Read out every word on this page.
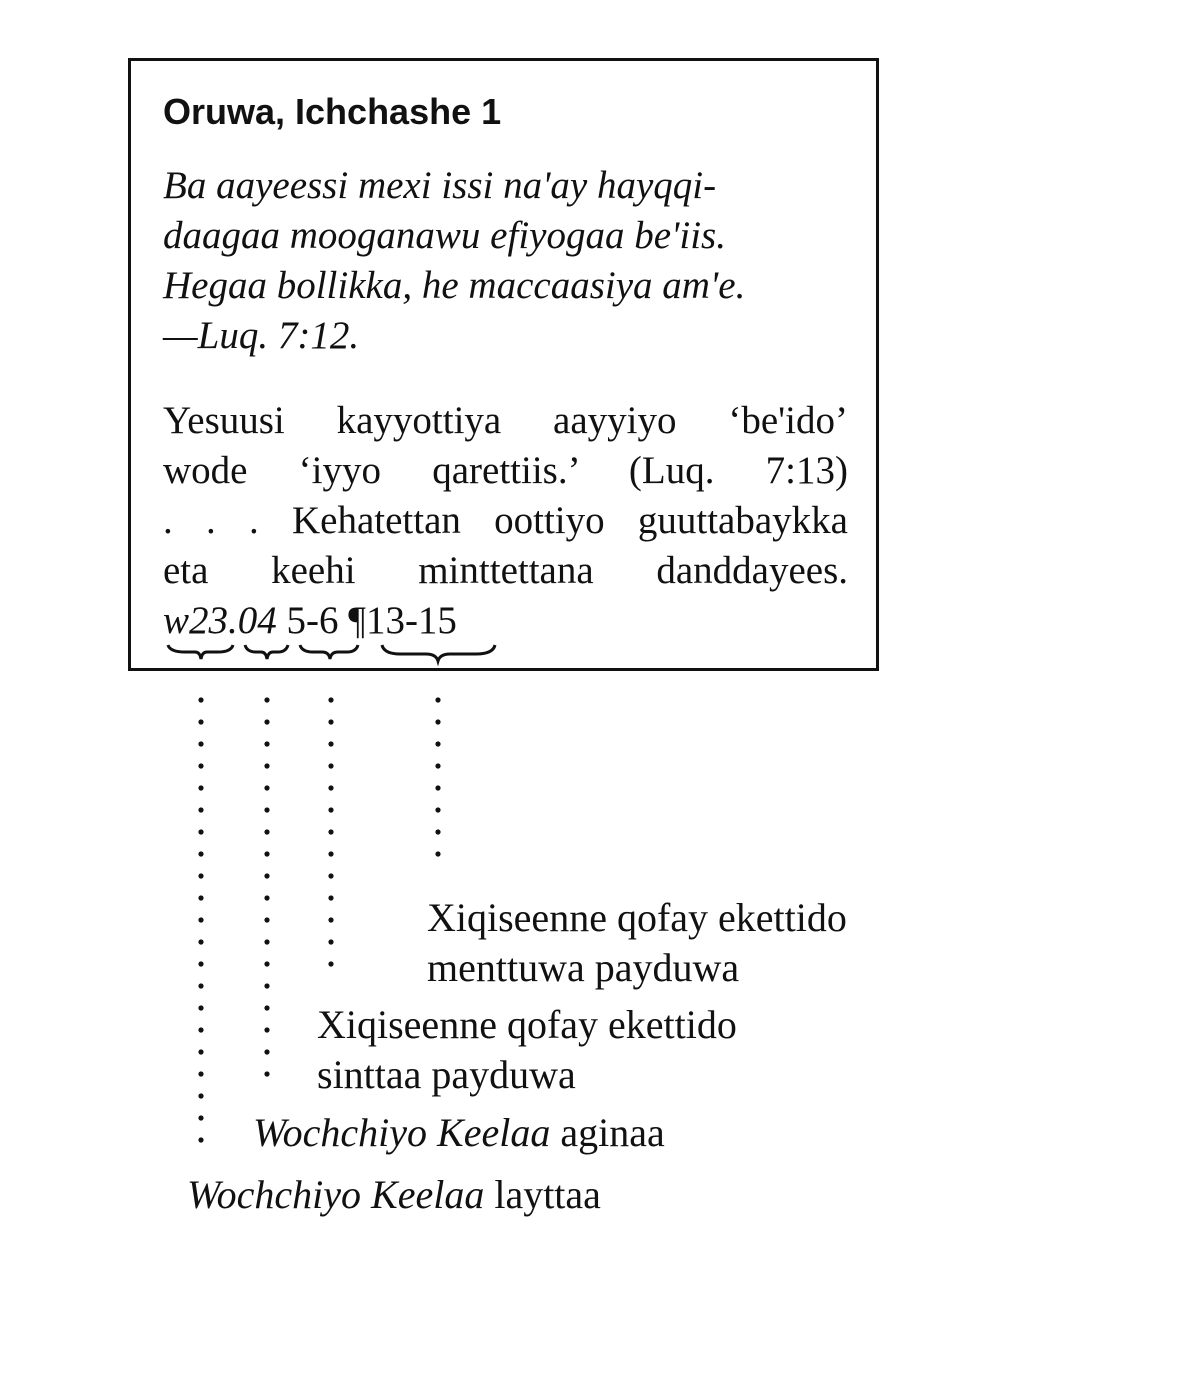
Oruwa, Ichchashe 1
Ba aayeessi mexi issi na'ay hayqqi-
daagaa mooganawu efiyogaa be'iis.
Hegaa bollikka, he maccaasiya am'e.
—Luq. 7:12.
Yesuusi kayyottiya aayyiyo ‘be'ido’
wode ‘iyyo qarettiis.’ (Luq. 7:13)
. . . Kehatettan oottiyo guuttabaykka
eta keehi minttettana danddayees.
w23.04 5-6 ¶13-15
Xiqiseenne qofay ekettido
menttuwa payduwa
Xiqiseenne qofay ekettido
sinttaa payduwa
Wochchiyo Keelaa aginaa
Wochchiyo Keelaa layttaa
